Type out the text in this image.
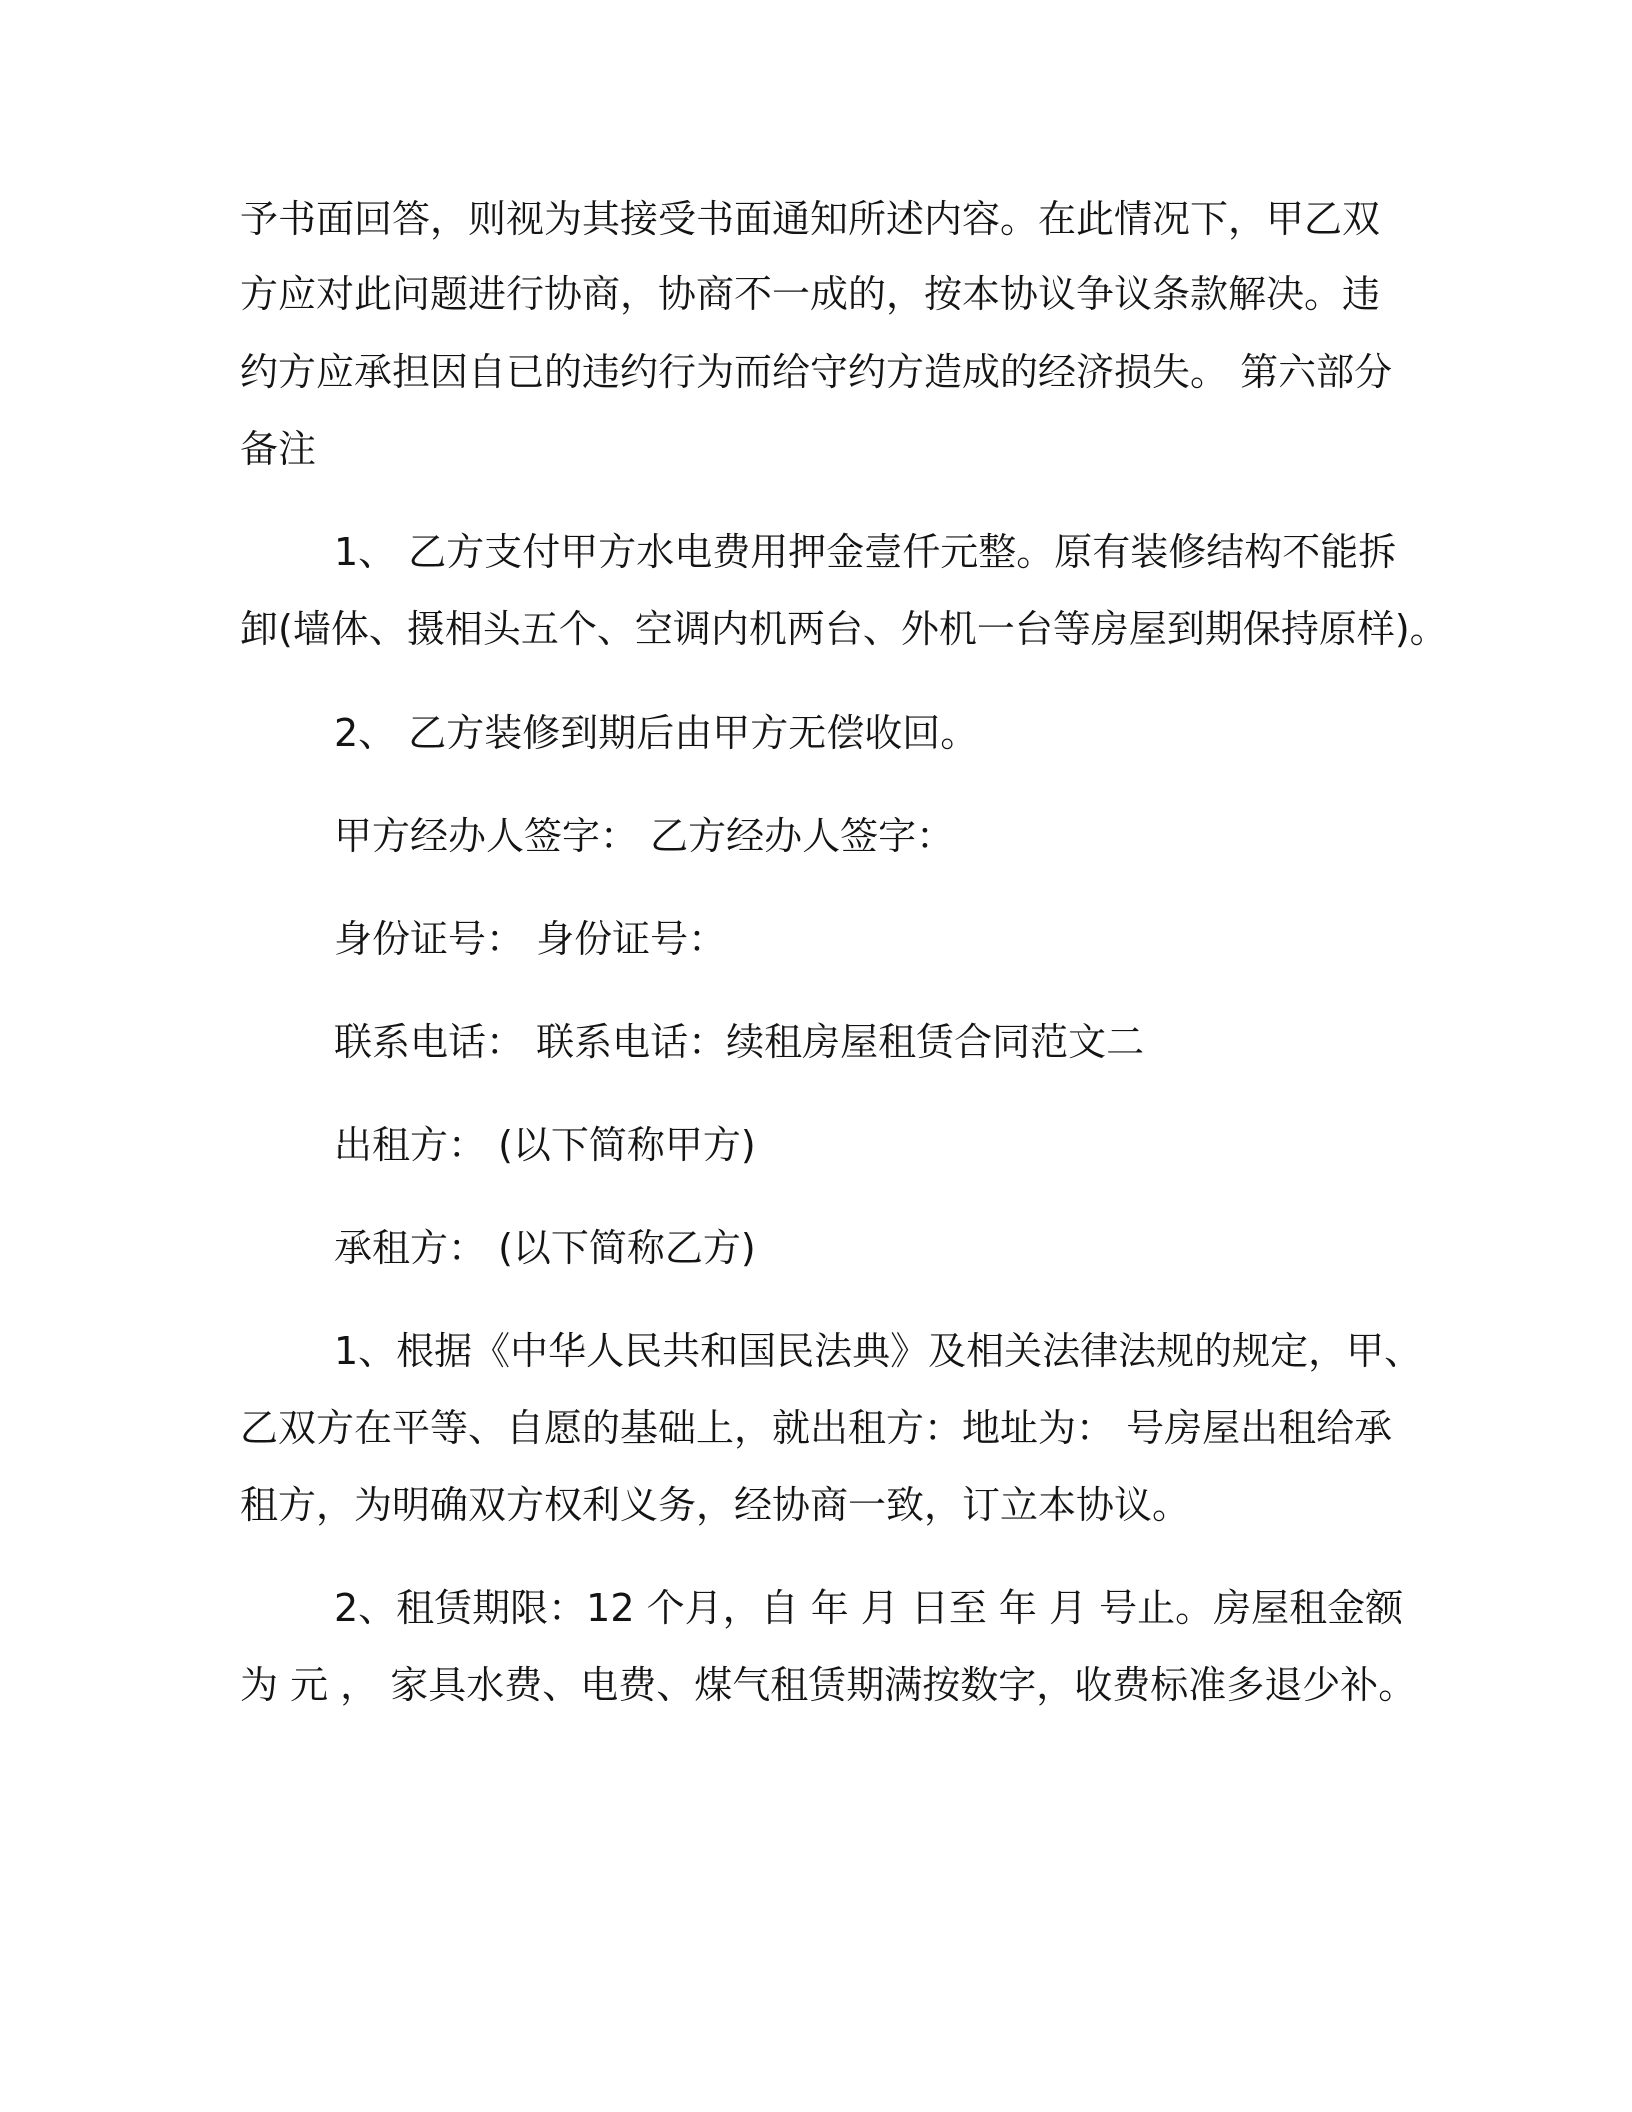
予书面回答，则视为其接受书面通知所述内容。在此情况下，甲乙双
方应对此问题进行协商，协商不一成的，按本协议争议条款解决。违
约方应承担因自已的违约行为而给守约方造成的经济损失。 第六部分
备注
1、 乙方支付甲方水电费用押金壹仟元整。原有装修结构不能拆
卸(墙体、摄相头五个、空调内机两台、外机一台等房屋到期保持原样)。
2、 乙方装修到期后由甲方无偿收回。
甲方经办人签字： 乙方经办人签字：
身份证号： 身份证号：
联系电话： 联系电话：续租房屋租赁合同范文二
出租方： (以下简称甲方)
承租方： (以下简称乙方)
1、根据《中华人民共和国民法典》及相关法律法规的规定，甲、
乙双方在平等、自愿的基础上，就出租方：地址为： 号房屋出租给承
租方，为明确双方权利义务，经协商一致，订立本协议。
2、租赁期限：12 个月，自 年 月 日至 年 月 号止。房屋租金额
为 元 ， 家具水费、电费、煤气租赁期满按数字，收费标准多退少补。
